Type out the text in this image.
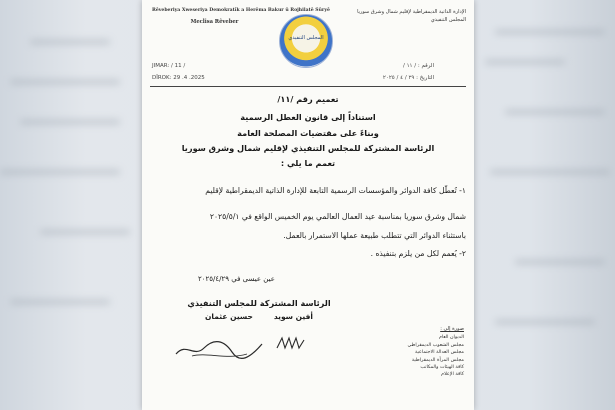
Rêveberiya Xweseriya Demokratîk a Herêma Bakur û Rojhilatê Sûryê
Meclisa Rêveber
المجلس التنفيذي
الإدارة الذاتية الديمقراطية لإقليم شمال وشرق سوريا
المجلس التنفيذي
JIMAR: / 11 /
DÎROK: 29 .4 .2025
الرقم : / ١١ /
التاريخ : ٢٩ / ٤ / ٢٠٢٥
تعميم رقم /١١/
استناداً إلى قانون العطل الرسمية
وبناءً على مقتضيات المصلحة العامة
الرئاسة المشتركة للمجلس التنفيذي لإقليم شمال وشرق سوريا
تعمم ما يلي :
١- تُعطّل كافة الدوائر والمؤسسات الرسمية التابعة للإدارة الذاتية الديمقراطية لإقليم
شمال وشرق سوريا بمناسبة عيد العمال العالمي يوم الخميس الواقع في ٢٠٢٥/٥/١
باستثناء الدوائر التي تتطلب طبيعة عملها الاستمرار بالعمل.
٢- يُعمم لكل من يلزم بتنفيذه .
عين عيسى في ٢٠٢٥/٤/٢٩
الرئاسة المشتركة للمجلس التنفيذي
أفين سويد        حسين عثمان
صورة إلى :
الديوان العام
مجلس الشعوب الديمقراطي
مجلس العدالة الاجتماعية
مجلس المرأة الديمقراطية
كافة الهيئات والمكاتب
كافة الإعلام
